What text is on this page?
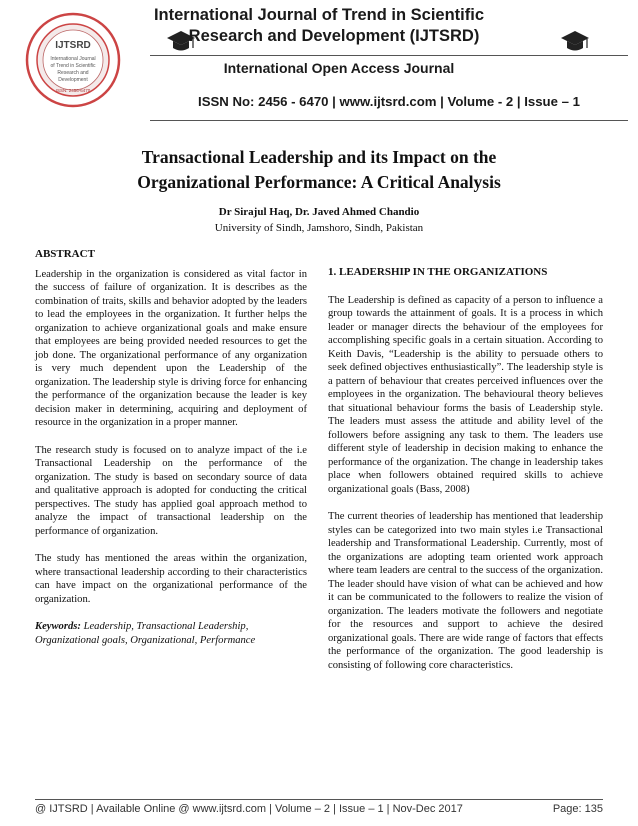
IJTSRD
International Journal
of Trend in Scientific
Research and
Development
ISSN: 2456-6470
International Journal of Trend in Scientific
Research and Development (IJTSRD)
International Open Access Journal
ISSN No: 2456 - 6470 | www.ijtsrd.com | Volume - 2 | Issue – 1
Transactional Leadership and its Impact on the
Organizational Performance: A Critical Analysis
Dr Sirajul Haq, Dr. Javed Ahmed Chandio
University of Sindh, Jamshoro, Sindh, Pakistan
ABSTRACT

Leadership in the organization is considered as vital factor in the success of failure of organization. It is describes as the combination of traits, skills and behavior adopted by the leaders to lead the employees in the organization. It further helps the organization to achieve organizational goals and make ensure that employees are being provided needed resources to get the job done. The organizational performance of any organization is very much dependent upon the Leadership of the organization. The leadership style is driving force for enhancing the performance of the organization because the leader is key decision maker in determining, acquiring and deployment of resource in the organization in a proper manner.

The research study is focused on to analyze impact of the i.e Transactional Leadership on the performance of the organization. The study is based on secondary source of data and qualitative approach is adopted for conducting the critical perspectives. The study has applied goal approach method to analyze the impact of transactional leadership on the performance of organization.

The study has mentioned the areas within the organization, where transactional leadership according to their characteristics can have impact on the organizational performance of the organization.

Keywords: Leadership, Transactional Leadership, Organizational goals, Organizational, Performance

1. LEADERSHIP IN THE ORGANIZATIONS

The Leadership is defined as capacity of a person to influence a group towards the attainment of goals. It is a process in which leader or manager directs the behaviour of the employees for accomplishing specific goals in a certain situation. According to Keith Davis, “Leadership is the ability to persuade others to seek defined objectives enthusiastically”. The leadership style is a pattern of behaviour that creates perceived influences over the employees in the organization. The behavioural theory believes that situational behaviour forms the basis of Leadership style. The leaders must assess the attitude and ability level of the followers before assigning any task to them. The leaders use different style of leadership in decision making to enhance the performance of the organization. The change in leadership takes place when followers obtained required skills to achieve organizational goals (Bass, 2008)

The current theories of leadership has mentioned that leadership styles can be categorized into two main styles i.e Transactional leadership and Transformational Leadership. Currently, most of the organizations are adopting team oriented work approach where team leaders are central to the success of the organization. The leader should have vision of what can be achieved and how it can be communicated to the followers to realize the vision of organization. The leaders motivate the followers and negotiate for the resources and support to achieve the desired organizational goals. There are wide range of factors that effects the performance of the organization. The good leadership is consisting of following core characteristics.

@ IJTSRD | Available Online @ www.ijtsrd.com | Volume – 2 | Issue – 1 | Nov-Dec 2017	Page: 135
